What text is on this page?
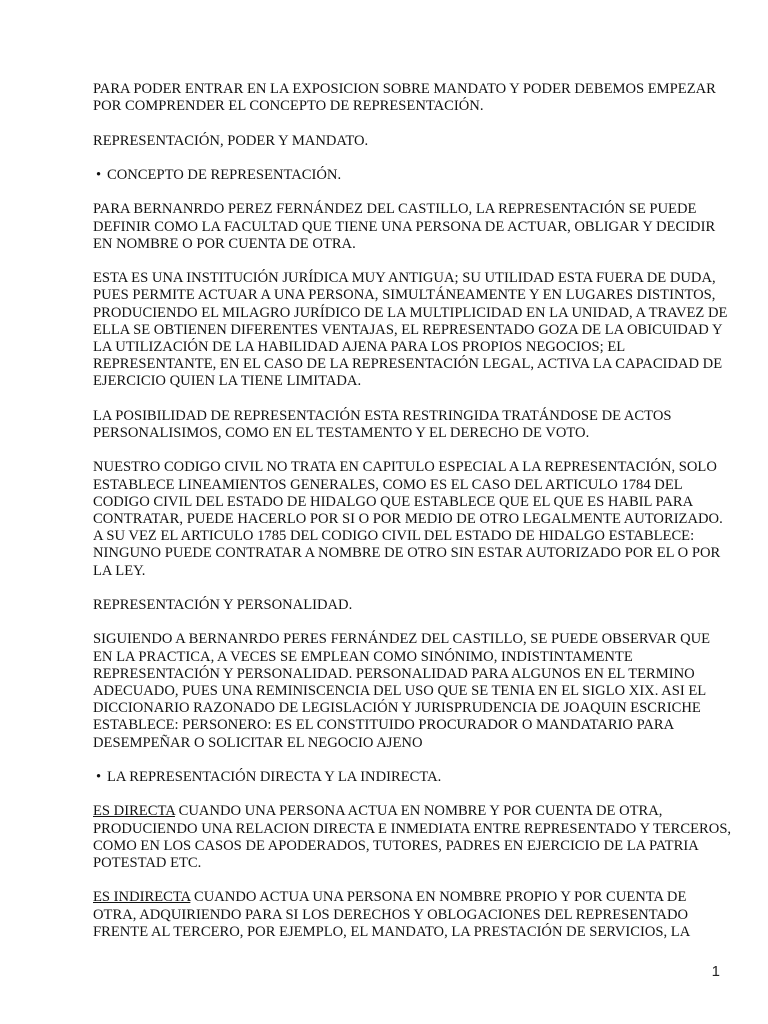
PARA PODER ENTRAR EN LA EXPOSICION SOBRE MANDATO Y PODER DEBEMOS EMPEZAR POR COMPRENDER EL CONCEPTO DE REPRESENTACIÓN.

REPRESENTACIÓN, PODER Y MANDATO.

• CONCEPTO DE REPRESENTACIÓN.

PARA BERNANRDO PEREZ FERNÁNDEZ DEL CASTILLO, LA REPRESENTACIÓN SE PUEDE DEFINIR COMO LA FACULTAD QUE TIENE UNA PERSONA DE ACTUAR, OBLIGAR Y DECIDIR EN NOMBRE O POR CUENTA DE OTRA.

ESTA ES UNA INSTITUCIÓN JURÍDICA MUY ANTIGUA; SU UTILIDAD ESTA FUERA DE DUDA, PUES PERMITE ACTUAR A UNA PERSONA, SIMULTÁNEAMENTE Y EN LUGARES DISTINTOS, PRODUCIENDO EL MILAGRO JURÍDICO DE LA MULTIPLICIDAD EN LA UNIDAD, A TRAVEZ DE ELLA SE OBTIENEN DIFERENTES VENTAJAS, EL REPRESENTADO GOZA DE LA OBICUIDAD Y LA UTILIZACIÓN DE LA HABILIDAD AJENA PARA LOS PROPIOS NEGOCIOS; EL REPRESENTANTE, EN EL CASO DE LA REPRESENTACIÓN LEGAL, ACTIVA LA CAPACIDAD DE EJERCICIO QUIEN LA TIENE LIMITADA.

LA POSIBILIDAD DE REPRESENTACIÓN ESTA RESTRINGIDA TRATÁNDOSE DE ACTOS PERSONALISIMOS, COMO EN EL TESTAMENTO Y EL DERECHO DE VOTO.

NUESTRO CODIGO CIVIL NO TRATA EN CAPITULO ESPECIAL A LA REPRESENTACIÓN, SOLO ESTABLECE LINEAMIENTOS GENERALES, COMO ES EL CASO DEL ARTICULO 1784 DEL CODIGO CIVIL DEL ESTADO DE HIDALGO QUE ESTABLECE QUE EL QUE ES HABIL PARA CONTRATAR, PUEDE HACERLO POR SI O POR MEDIO DE OTRO LEGALMENTE AUTORIZADO. A SU VEZ EL ARTICULO 1785 DEL CODIGO CIVIL DEL ESTADO DE HIDALGO ESTABLECE: NINGUNO PUEDE CONTRATAR A NOMBRE DE OTRO SIN ESTAR AUTORIZADO POR EL O POR LA LEY.

REPRESENTACIÓN Y PERSONALIDAD.

SIGUIENDO A BERNANRDO PERES FERNÁNDEZ DEL CASTILLO, SE PUEDE OBSERVAR QUE EN LA PRACTICA, A VECES SE EMPLEAN COMO SINÓNIMO, INDISTINTAMENTE REPRESENTACIÓN Y PERSONALIDAD. PERSONALIDAD PARA ALGUNOS EN EL TERMINO ADECUADO, PUES UNA REMINISCENCIA DEL USO QUE SE TENIA EN EL SIGLO XIX. ASI EL DICCIONARIO RAZONADO DE LEGISLACIÓN Y JURISPRUDENCIA DE JOAQUIN ESCRICHE ESTABLECE: PERSONERO: ES EL CONSTITUIDO PROCURADOR O MANDATARIO PARA DESEMPEÑAR O SOLICITAR EL NEGOCIO AJENO

• LA REPRESENTACIÓN DIRECTA Y LA INDIRECTA.

ES DIRECTA CUANDO UNA PERSONA ACTUA EN NOMBRE Y POR CUENTA DE OTRA, PRODUCIENDO UNA RELACION DIRECTA E INMEDIATA ENTRE REPRESENTADO Y TERCEROS, COMO EN LOS CASOS DE APODERADOS, TUTORES, PADRES EN EJERCICIO DE LA PATRIA POTESTAD ETC.

ES INDIRECTA CUANDO ACTUA UNA PERSONA EN NOMBRE PROPIO Y POR CUENTA DE OTRA, ADQUIRIENDO PARA SI LOS DERECHOS Y OBLOGACIONES DEL REPRESENTADO FRENTE AL TERCERO, POR EJEMPLO, EL MANDATO, LA PRESTACIÓN DE SERVICIOS, LA

1
